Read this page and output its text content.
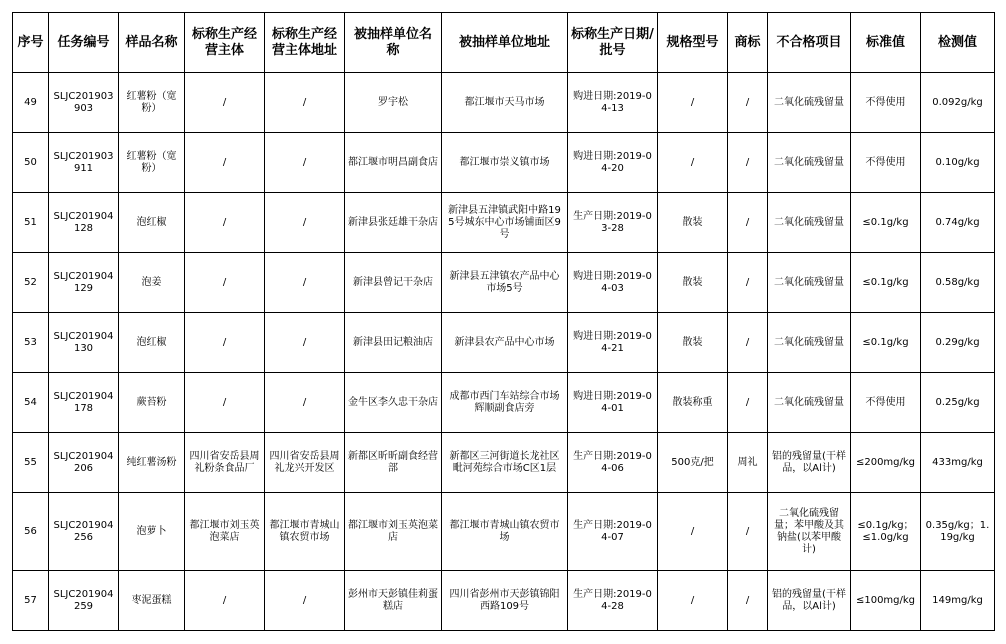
序号	任务编号	样品名称	标称生产经营主体	标称生产经营主体地址	被抽样单位名称	被抽样单位地址	标称生产日期/批号	规格型号	商标	不合格项目	标准值	检测值
49	SLJC201903903	红薯粉（宽粉）	/	/	罗宇松	都江堰市天马市场	购进日期:2019-04-13	/	/	二氧化硫残留量	不得使用	0.092g/kg
50	SLJC201903911	红薯粉（宽粉）	/	/	都江堰市明昌副食店	都江堰市崇义镇市场	购进日期:2019-04-20	/	/	二氧化硫残留量	不得使用	0.10g/kg
51	SLJC201904128	泡红椒	/	/	新津县张廷雄干杂店	新津县五津镇武阳中路195号城东中心市场铺面区9号	生产日期:2019-03-28	散装	/	二氧化硫残留量	≤0.1g/kg	0.74g/kg
52	SLJC201904129	泡姜	/	/	新津县曾记干杂店	新津县五津镇农产品中心市场5号	购进日期:2019-04-03	散装	/	二氧化硫残留量	≤0.1g/kg	0.58g/kg
53	SLJC201904130	泡红椒	/	/	新津县田记粮油店	新津县农产品中心市场	购进日期:2019-04-21	散装	/	二氧化硫残留量	≤0.1g/kg	0.29g/kg
54	SLJC201904178	蕨苔粉	/	/	金牛区李久忠干杂店	成都市西门车站综合市场辉顺副食店旁	购进日期:2019-04-01	散装称重	/	二氧化硫残留量	不得使用	0.25g/kg
55	SLJC201904206	纯红薯汤粉	四川省安岳县周礼粉条食品厂	四川省安岳县周礼龙兴开发区	新都区昕昕副食经营部	新都区三河街道长龙社区毗河苑综合市场C区1层	生产日期:2019-04-06	500克/把	周礼	铝的残留量(干样品，以Al计)	≤200mg/kg	433mg/kg
56	SLJC201904256	泡萝卜	都江堰市刘玉英泡菜店	都江堰市青城山镇农贸市场	都江堰市刘玉英泡菜店	都江堰市青城山镇农贸市场	生产日期:2019-04-07	/	/	二氧化硫残留量；苯甲酸及其钠盐(以苯甲酸计)	≤0.1g/kg；≤1.0g/kg	0.35g/kg；1.19g/kg
57	SLJC201904259	枣泥蛋糕	/	/	彭州市天彭镇佳莉蛋糕店	四川省彭州市天彭镇锦阳西路109号	生产日期:2019-04-28	/	/	铝的残留量(干样品，以Al计)	≤100mg/kg	149mg/kg
